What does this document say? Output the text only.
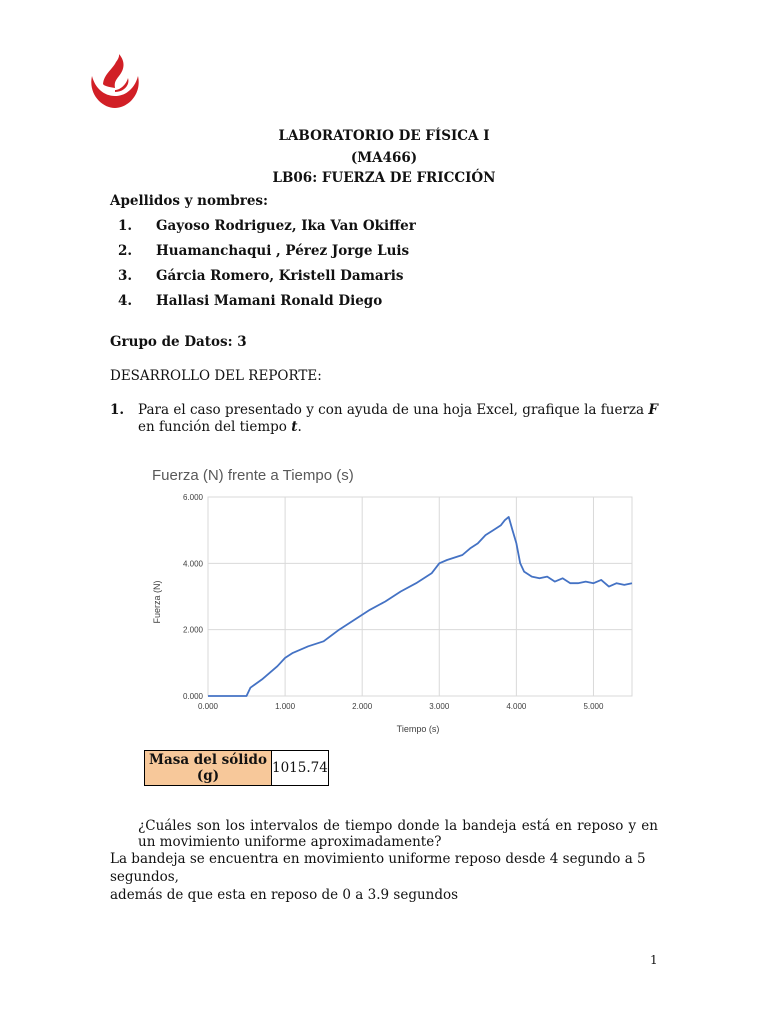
LABORATORIO DE FÍSICA I
(MA466)
LB06: FUERZA DE FRICCIÓN
Apellidos y nombres:
1. Gayoso Rodriguez, Ika Van Okiffer
2. Huamanchaqui , Pérez Jorge Luis
3. Gárcia Romero, Kristell Damaris
4. Hallasi Mamani Ronald Diego
Grupo de Datos: 3
DESARROLLO DEL REPORTE:
1. Para el caso presentado y con ayuda de una hoja Excel, grafique la fuerza F en función del tiempo t.
Fuerza (N) frente a Tiempo (s)
0.000
2.000
4.000
6.000
0.000	1.000	2.000	3.000	4.000	5.000
Tiempo (s)
Fuerza (N)
Masa del sólido
(g)	1015.74
¿Cuáles son los intervalos de tiempo donde la bandeja está en reposo y en un movimiento uniforme aproximadamente?
La bandeja se encuentra en movimiento uniforme reposo desde 4 segundo a 5 segundos,
además de que esta en reposo de 0 a 3.9 segundos
1
